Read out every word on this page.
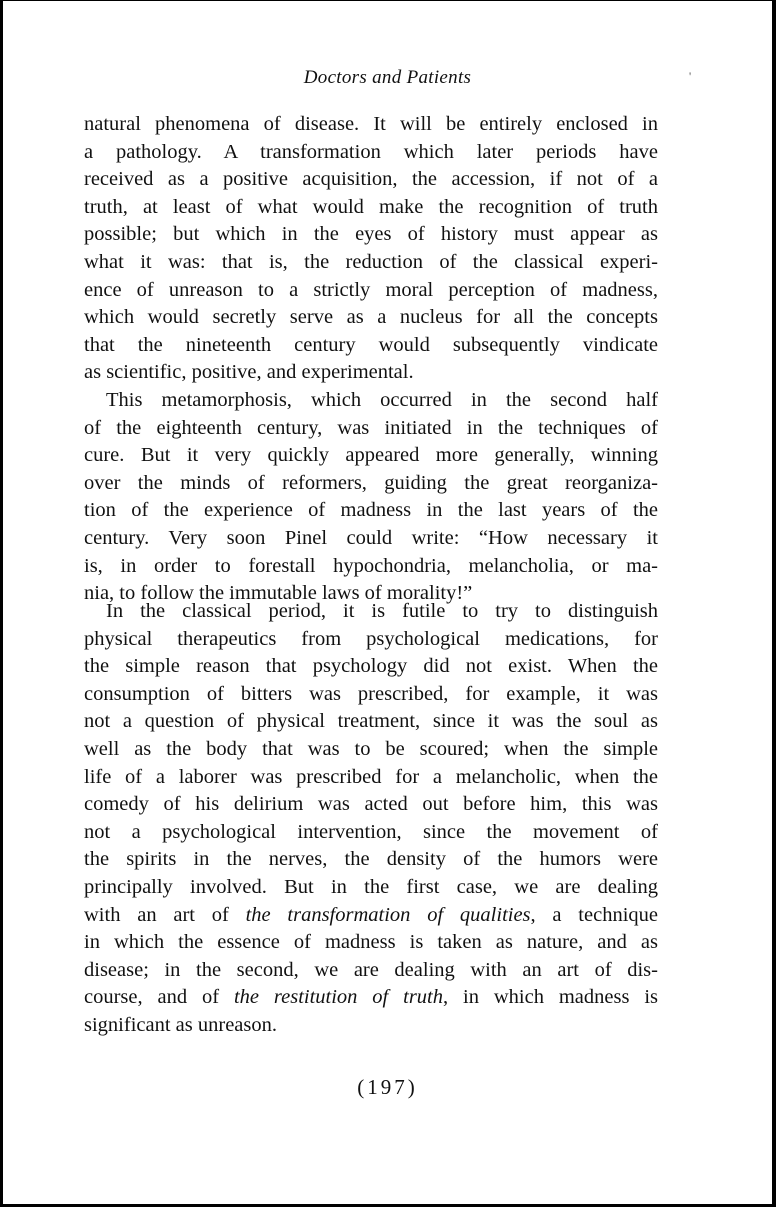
Doctors and Patients	'

natural phenomena of disease. It will be entirely enclosed in
a pathology. A transformation which later periods have
received as a positive acquisition, the accession, if not of a
truth, at least of what would make the recognition of truth
possible; but which in the eyes of history must appear as
what it was: that is, the reduction of the classical experi-
ence of unreason to a strictly moral perception of madness,
which would secretly serve as a nucleus for all the concepts
that the nineteenth century would subsequently vindicate
as scientific, positive, and experimental.

This metamorphosis, which occurred in the second half
of the eighteenth century, was initiated in the techniques of
cure. But it very quickly appeared more generally, winning
over the minds of reformers, guiding the great reorganiza-
tion of the experience of madness in the last years of the
century. Very soon Pinel could write: “How necessary it
is, in order to forestall hypochondria, melancholia, or ma-
nia, to follow the immutable laws of morality!”

In the classical period, it is futile to try to distinguish
physical therapeutics from psychological medications, for
the simple reason that psychology did not exist. When the
consumption of bitters was prescribed, for example, it was
not a question of physical treatment, since it was the soul as
well as the body that was to be scoured; when the simple
life of a laborer was prescribed for a melancholic, when the
comedy of his delirium was acted out before him, this was
not a psychological intervention, since the movement of
the spirits in the nerves, the density of the humors were
principally involved. But in the first case, we are dealing
with an art of the transformation of qualities, a technique
in which the essence of madness is taken as nature, and as
disease; in the second, we are dealing with an art of dis-
course, and of the restitution of truth, in which madness is
significant as unreason.

(197)
